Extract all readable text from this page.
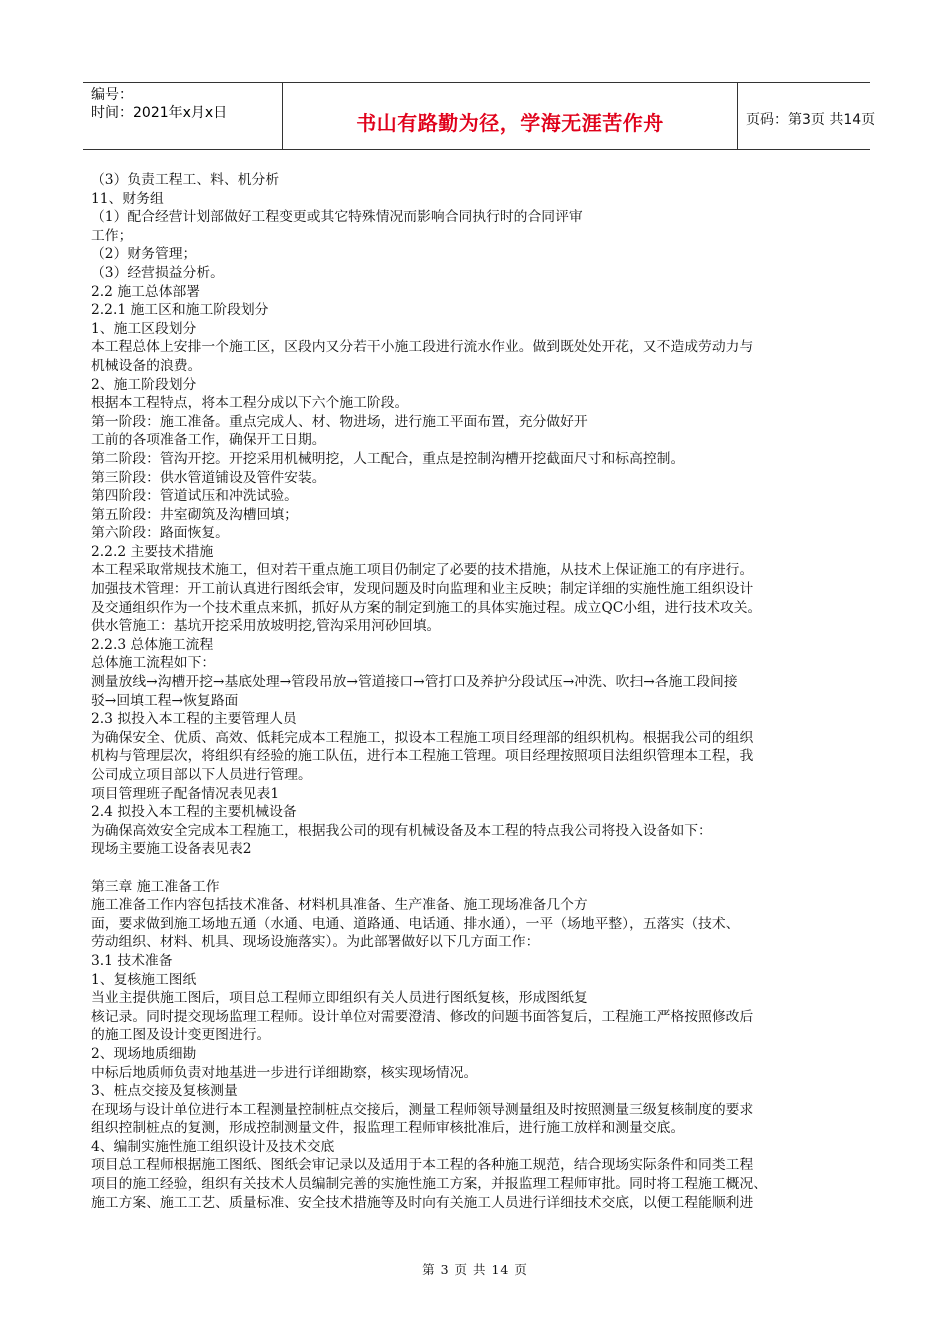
编号：
时间：2021年x月x日	书山有路勤为径，学海无涯苦作舟	页码：第3页 共14页
（3）负责工程工、料、机分析
11、财务组
（1）配合经营计划部做好工程变更或其它特殊情况而影响合同执行时的合同评审
工作；
（2）财务管理；
（3）经营损益分析。
2.2 施工总体部署
2.2.1 施工区和施工阶段划分
1、施工区段划分
本工程总体上安排一个施工区，区段内又分若干小施工段进行流水作业。做到既处处开花，又不造成劳动力与
机械设备的浪费。
2、施工阶段划分
根据本工程特点，将本工程分成以下六个施工阶段。
第一阶段：施工准备。重点完成人、材、物进场，进行施工平面布置，充分做好开
工前的各项准备工作，确保开工日期。
第二阶段：管沟开挖。开挖采用机械明挖，人工配合，重点是控制沟槽开挖截面尺寸和标高控制。
第三阶段：供水管道铺设及管件安装。
第四阶段：管道试压和冲洗试验。
第五阶段：井室砌筑及沟槽回填；
第六阶段：路面恢复。
2.2.2 主要技术措施
本工程采取常规技术施工，但对若干重点施工项目仍制定了必要的技术措施，从技术上保证施工的有序进行。
加强技术管理：开工前认真进行图纸会审，发现问题及时向监理和业主反映；制定详细的实施性施工组织设计
及交通组织作为一个技术重点来抓，抓好从方案的制定到施工的具体实施过程。成立QC小组，进行技术攻关。
供水管施工：基坑开挖采用放坡明挖,管沟采用河砂回填。
2.2.3 总体施工流程
总体施工流程如下：
测量放线→沟槽开挖→基底处理→管段吊放→管道接口→管打口及养护分段试压→冲洗、吹扫→各施工段间接
驳→回填工程→恢复路面
2.3 拟投入本工程的主要管理人员
为确保安全、优质、高效、低耗完成本工程施工，拟设本工程施工项目经理部的组织机构。根据我公司的组织
机构与管理层次，将组织有经验的施工队伍，进行本工程施工管理。项目经理按照项目法组织管理本工程，我
公司成立项目部以下人员进行管理。
项目管理班子配备情况表见表1
2.4 拟投入本工程的主要机械设备
为确保高效安全完成本工程施工，根据我公司的现有机械设备及本工程的特点我公司将投入设备如下：
现场主要施工设备表见表2
第三章 施工准备工作
施工准备工作内容包括技术准备、材料机具准备、生产准备、施工现场准备几个方
面，要求做到施工场地五通（水通、电通、道路通、电话通、排水通），一平（场地平整），五落实（技术、
劳动组织、材料、机具、现场设施落实）。为此部署做好以下几方面工作：
3.1 技术准备
1、复核施工图纸
当业主提供施工图后，项目总工程师立即组织有关人员进行图纸复核，形成图纸复
核记录。同时提交现场监理工程师。设计单位对需要澄清、修改的问题书面答复后，工程施工严格按照修改后
的施工图及设计变更图进行。
2、现场地质细勘
中标后地质师负责对地基进一步进行详细勘察，核实现场情况。
3、桩点交接及复核测量
在现场与设计单位进行本工程测量控制桩点交接后，测量工程师领导测量组及时按照测量三级复核制度的要求
组织控制桩点的复测，形成控制测量文件，报监理工程师审核批准后，进行施工放样和测量交底。
4、编制实施性施工组织设计及技术交底
项目总工程师根据施工图纸、图纸会审记录以及适用于本工程的各种施工规范，结合现场实际条件和同类工程
项目的施工经验，组织有关技术人员编制完善的实施性施工方案，并报监理工程师审批。同时将工程施工概况、
施工方案、施工工艺、质量标准、安全技术措施等及时向有关施工人员进行详细技术交底，以便工程能顺利进
第 3 页 共 14 页
